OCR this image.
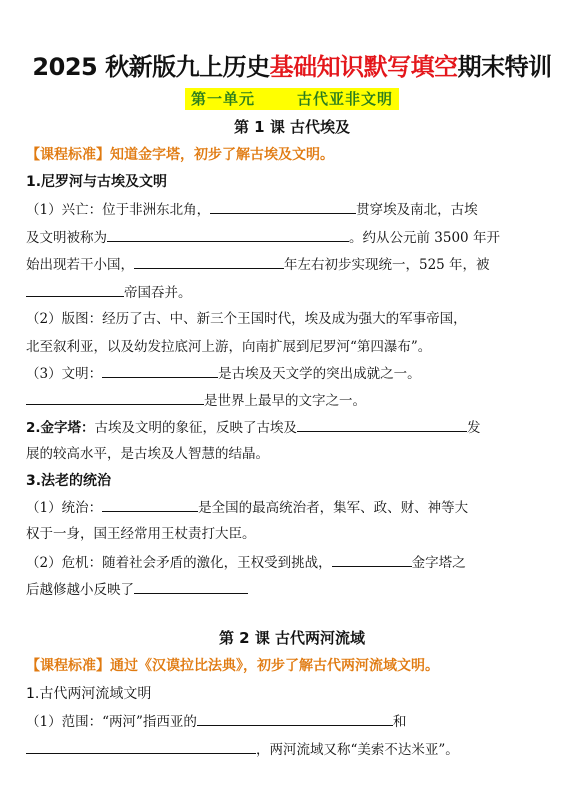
2025 秋新版九上历史基础知识默写填空期末特训
第一单元	古代亚非文明
第 1 课 古代埃及
【课程标准】知道金字塔，初步了解古埃及文明。
1.尼罗河与古埃及文明
（1）兴亡：位于非洲东北角，	贯穿埃及南北，古埃
及文明被称为	。约从公元前 3500 年开
始出现若干小国，	年左右初步实现统一，525 年，被
帝国吞并。
（2）版图：经历了古、中、新三个王国时代，埃及成为强大的军事帝国，
北至叙利亚，以及幼发拉底河上游，向南扩展到尼罗河“第四瀑布”。
（3）文明：	是古埃及天文学的突出成就之一。
是世界上最早的文字之一。
2.金字塔：古埃及文明的象征，反映了古埃及	发
展的较高水平，是古埃及人智慧的结晶。
3.法老的统治
（1）统治：	是全国的最高统治者，集军、政、财、神等大
权于一身，国王经常用王杖责打大臣。
（2）危机：随着社会矛盾的激化，王权受到挑战，	金字塔之
后越修越小反映了
第 2 课 古代两河流域
【课程标准】通过《汉谟拉比法典》，初步了解古代两河流域文明。
1.古代两河流域文明
（1）范围：“两河”指西亚的	和
，两河流域又称“美索不达米亚”。
